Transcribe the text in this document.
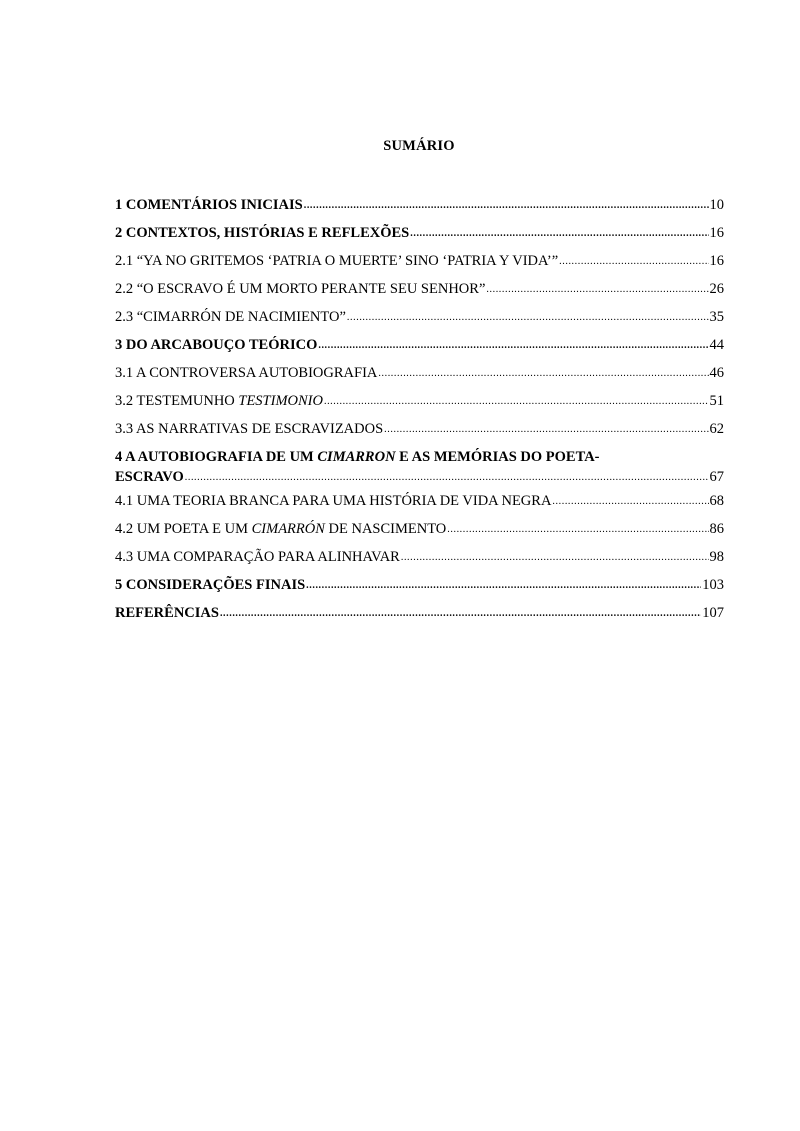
SUMÁRIO
1 COMENTÁRIOS INICIAIS .....	10
2 CONTEXTOS, HISTÓRIAS E REFLEXÕES .....	16
2.1 “YA NO GRITEMOS ‘PATRIA O MUERTE’ SINO ‘PATRIA Y VIDA’” .....	16
2.2 “O ESCRAVO É UM MORTO PERANTE SEU SENHOR” .....	26
2.3 “CIMARRÓN DE NACIMIENTO” .....	35
3 DO ARCABOUÇO TEÓRICO .....	44
3.1 A CONTROVERSA AUTOBIOGRAFIA .....	46
3.2 TESTEMUNHO TESTIMONIO .....	51
3.3 AS NARRATIVAS DE ESCRAVIZADOS .....	62
4 A AUTOBIOGRAFIA DE UM CIMARRON E AS MEMÓRIAS DO POETA-
ESCRAVO .....	67
4.1 UMA TEORIA BRANCA PARA UMA HISTÓRIA DE VIDA NEGRA .....	68
4.2 UM POETA E UM CIMARRÓN DE NASCIMENTO .....	86
4.3 UMA COMPARAÇÃO PARA ALINHAVAR .....	98
5 CONSIDERAÇÕES FINAIS .....	103
REFERÊNCIAS .....	107
